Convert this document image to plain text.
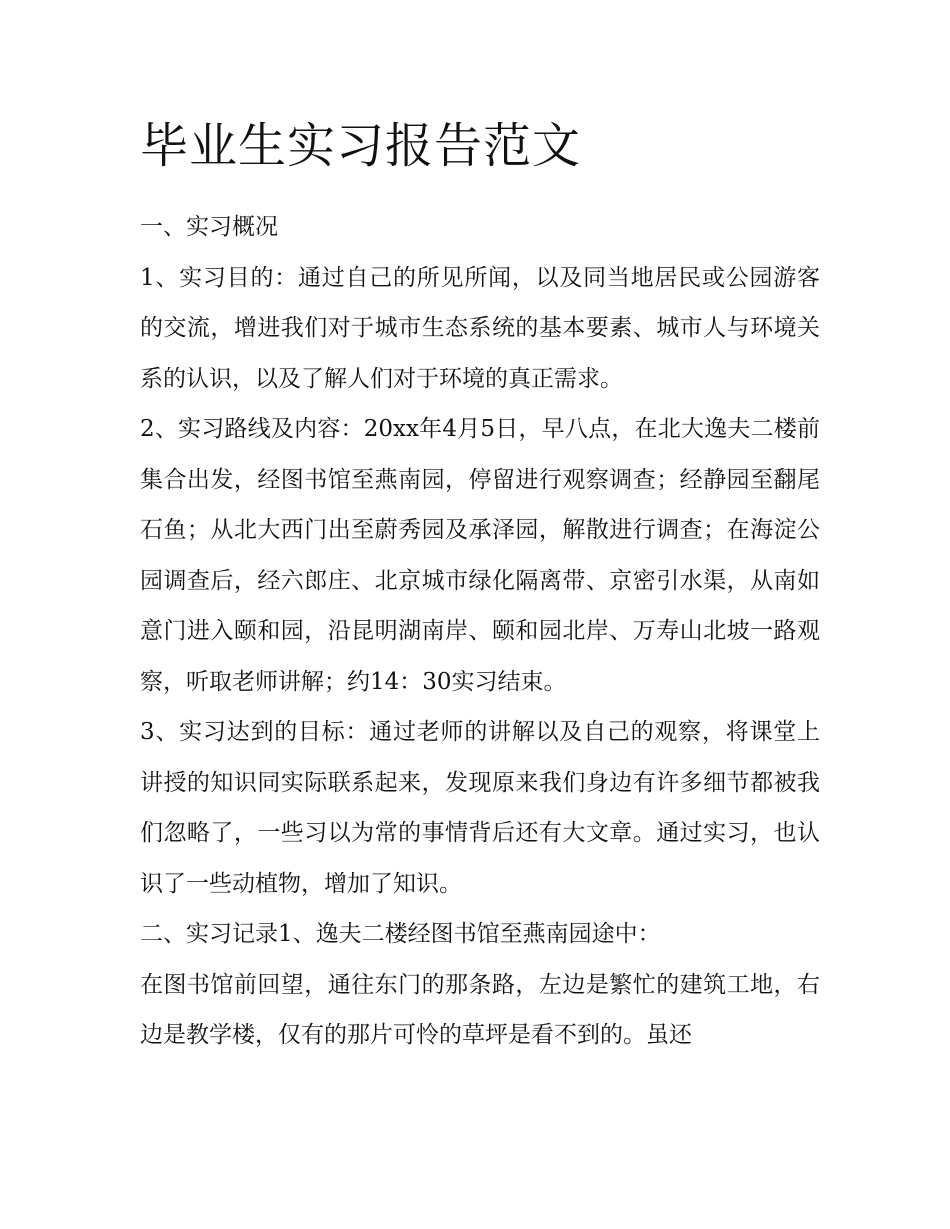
毕业生实习报告范文

一、实习概况

1、实习目的：通过自己的所见所闻，以及同当地居民或公园游客的交流，增进我们对于城市生态系统的基本要素、城市人与环境关系的认识，以及了解人们对于环境的真正需求。

2、实习路线及内容：20xx年4月5日，早八点，在北大逸夫二楼前集合出发，经图书馆至燕南园，停留进行观察调查；经静园至翻尾石鱼；从北大西门出至蔚秀园及承泽园，解散进行调查；在海淀公园调查后，经六郎庄、北京城市绿化隔离带、京密引水渠，从南如意门进入颐和园，沿昆明湖南岸、颐和园北岸、万寿山北坡一路观察，听取老师讲解；约14：30实习结束。

3、实习达到的目标：通过老师的讲解以及自己的观察，将课堂上讲授的知识同实际联系起来，发现原来我们身边有许多细节都被我们忽略了，一些习以为常的事情背后还有大文章。通过实习，也认识了一些动植物，增加了知识。

二、实习记录1、逸夫二楼经图书馆至燕南园途中：

在图书馆前回望，通往东门的那条路，左边是繁忙的建筑工地，右边是教学楼，仅有的那片可怜的草坪是看不到的。虽还
